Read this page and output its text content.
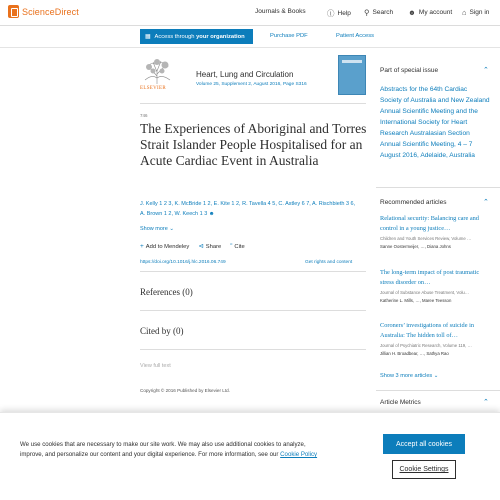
ScienceDirect	Journals & Books	ⓘ Help ⚲ Search ☻ My account ⌂ Sign in
▦ Access through your organization	Purchase PDF	Patient Access
ELSEVIER
Heart, Lung and Circulation
Volume 25, Supplement 2, August 2016, Page S316
746
The Experiences of Aboriginal and Torres Strait Islander People Hospitalised for an Acute Cardiac Event in Australia
J. Kelly 1 2 3, K. McBride 1 2, E. Kite 1 2, R. Tavella 4 5, C. Astley 6 7, A. Rischbieth 3 6,
A. Brown 1 2, W. Keech 1 3 ☻
Show more ⌄
+ Add to Mendeley ⊲ Share ” Cite
https://doi.org/10.1016/j.hlc.2016.06.749	Get rights and content
References (0)
Cited by (0)
View full text
Copyright © 2016 Published by Elsevier Ltd.
Part of special issue	⌃
Abstracts for the 64th Cardiac Society of Australia and New Zealand Annual Scientific Meeting and the International Society for Heart Research Australasian Section Annual Scientific Meeting, 4 – 7 August 2016, Adelaide, Australia
Recommended articles	⌃
Relational security: Balancing care and control in a young justice…
Children and Youth Services Review, Volume …
Sanne Oostermeijer, …, Diana Johns
The long-term impact of post traumatic stress disorder on…
Journal of Substance Abuse Treatment, Volu…
Katherine L. Mills, …, Maree Teesson
Coroners’ investigations of suicide in Australia: The hidden toll of…
Journal of Psychiatric Research, Volume 119, …
Jillian H. Broadbear, …, Sathya Rao
Show 3 more articles ⌄
Article Metrics	⌃
We use cookies that are necessary to make our site work. We may also use additional cookies to analyze, improve, and personalize our content and your digital experience. For more information, see our Cookie Policy
Accept all cookies
Cookie Settings
